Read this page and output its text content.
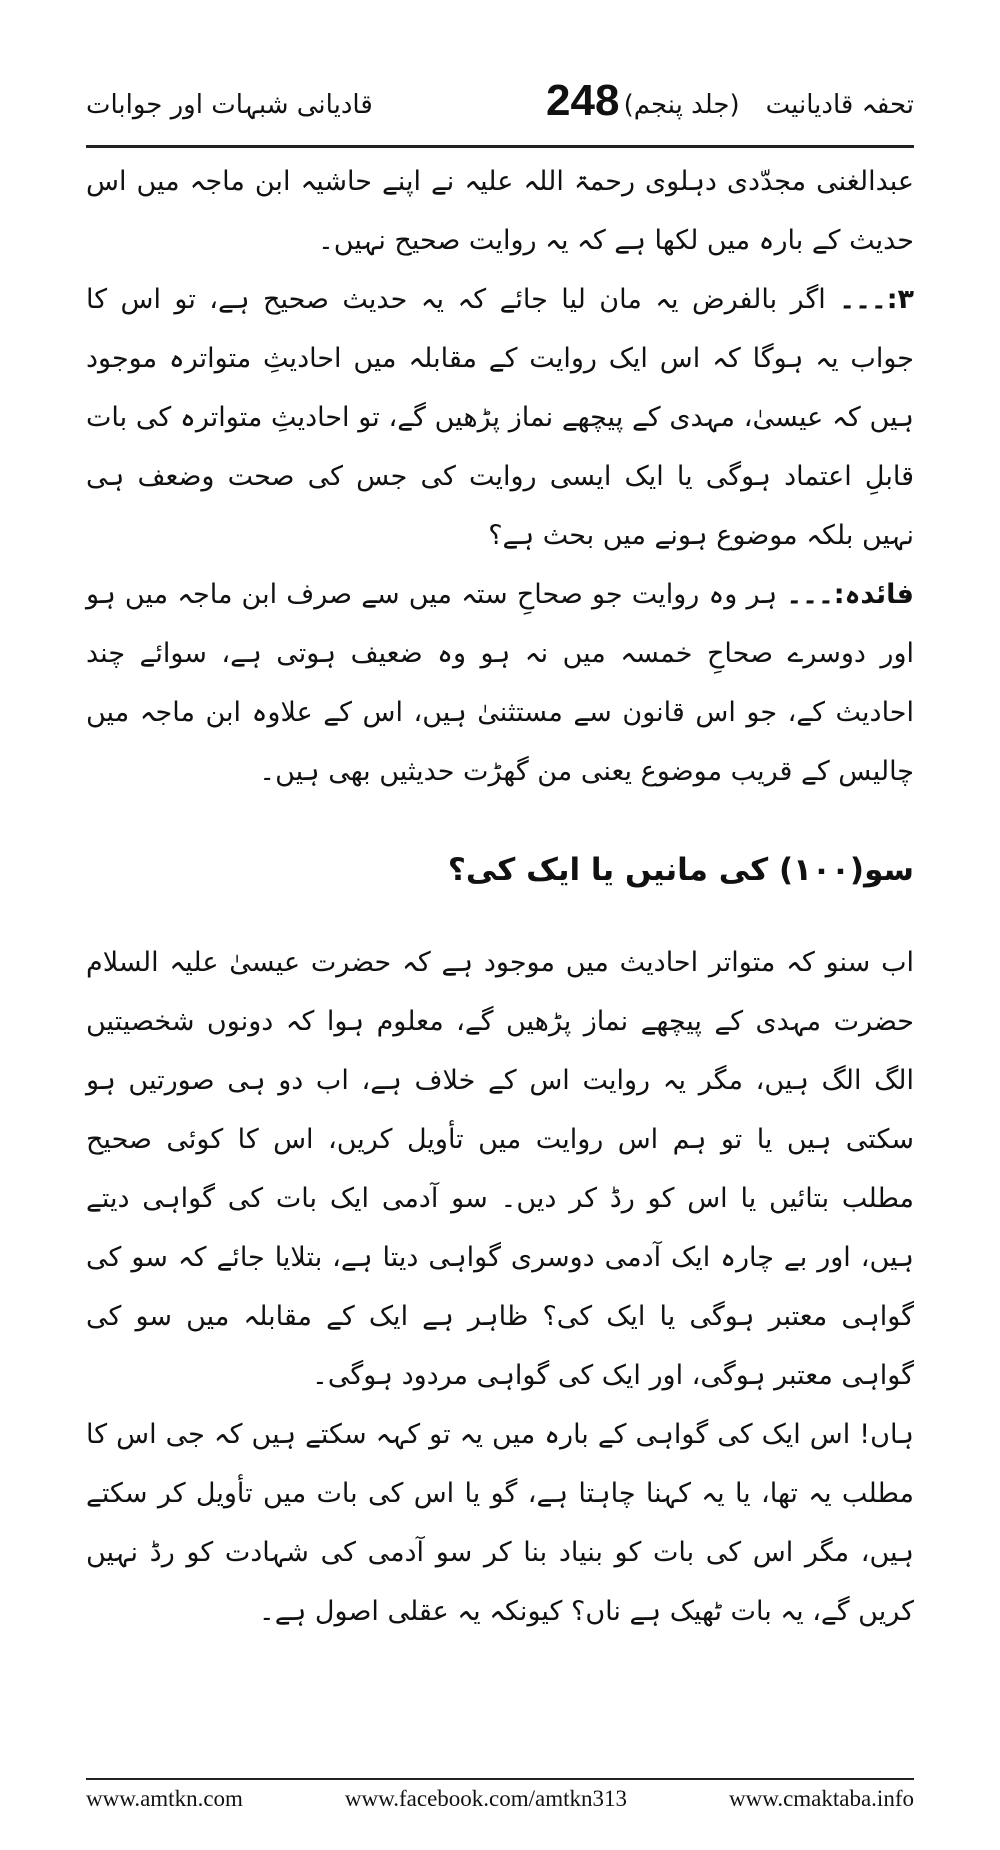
قادیانی شبہات اور جوابات	248	تحفہ قادیانیت
(جلد پنجم)

عبدالغنی مجدّدی دہلوی رحمۃ اللہ علیہ نے اپنے حاشیہ ابن ماجہ میں اس حدیث کے بارہ میں لکھا ہے کہ یہ روایت صحیح نہیں۔

۳:۔۔۔ اگر بالفرض یہ مان لیا جائے کہ یہ حدیث صحیح ہے، تو اس کا جواب یہ ہوگا کہ اس ایک روایت کے مقابلہ میں احادیثِ متواترہ موجود ہیں کہ عیسیٰ، مہدی کے پیچھے نماز پڑھیں گے، تو احادیثِ متواترہ کی بات قابلِ اعتماد ہوگی یا ایک ایسی روایت کی جس کی صحت وضعف ہی نہیں بلکہ موضوع ہونے میں بحث ہے؟

فائدہ:۔۔۔ ہر وہ روایت جو صحاحِ ستہ میں سے صرف ابن ماجہ میں ہو اور دوسرے صحاحِ خمسہ میں نہ ہو وہ ضعیف ہوتی ہے، سوائے چند احادیث کے، جو اس قانون سے مستثنیٰ ہیں، اس کے علاوہ ابن ماجہ میں چالیس کے قریب موضوع یعنی من گھڑت حدیثیں بھی ہیں۔

سو(۱۰۰) کی مانیں یا ایک کی؟

اب سنو کہ متواتر احادیث میں موجود ہے کہ حضرت عیسیٰ علیہ السلام حضرت مہدی کے پیچھے نماز پڑھیں گے، معلوم ہوا کہ دونوں شخصیتیں الگ الگ ہیں، مگر یہ روایت اس کے خلاف ہے، اب دو ہی صورتیں ہو سکتی ہیں یا تو ہم اس روایت میں تأویل کریں، اس کا کوئی صحیح مطلب بتائیں یا اس کو رڈ کر دیں۔ سو آدمی ایک بات کی گواہی دیتے ہیں، اور بے چارہ ایک آدمی دوسری گواہی دیتا ہے، بتلایا جائے کہ سو کی گواہی معتبر ہوگی یا ایک کی؟ ظاہر ہے ایک کے مقابلہ میں سو کی گواہی معتبر ہوگی، اور ایک کی گواہی مردود ہوگی۔

ہاں! اس ایک کی گواہی کے بارہ میں یہ تو کہہ سکتے ہیں کہ جی اس کا مطلب یہ تھا، یا یہ کہنا چاہتا ہے، گو یا اس کی بات میں تأویل کر سکتے ہیں، مگر اس کی بات کو بنیاد بنا کر سو آدمی کی شہادت کو رڈ نہیں کریں گے، یہ بات ٹھیک ہے ناں؟ کیونکہ یہ عقلی اصول ہے۔

www.amtkn.com	www.facebook.com/amtkn313	www.cmaktaba.info
